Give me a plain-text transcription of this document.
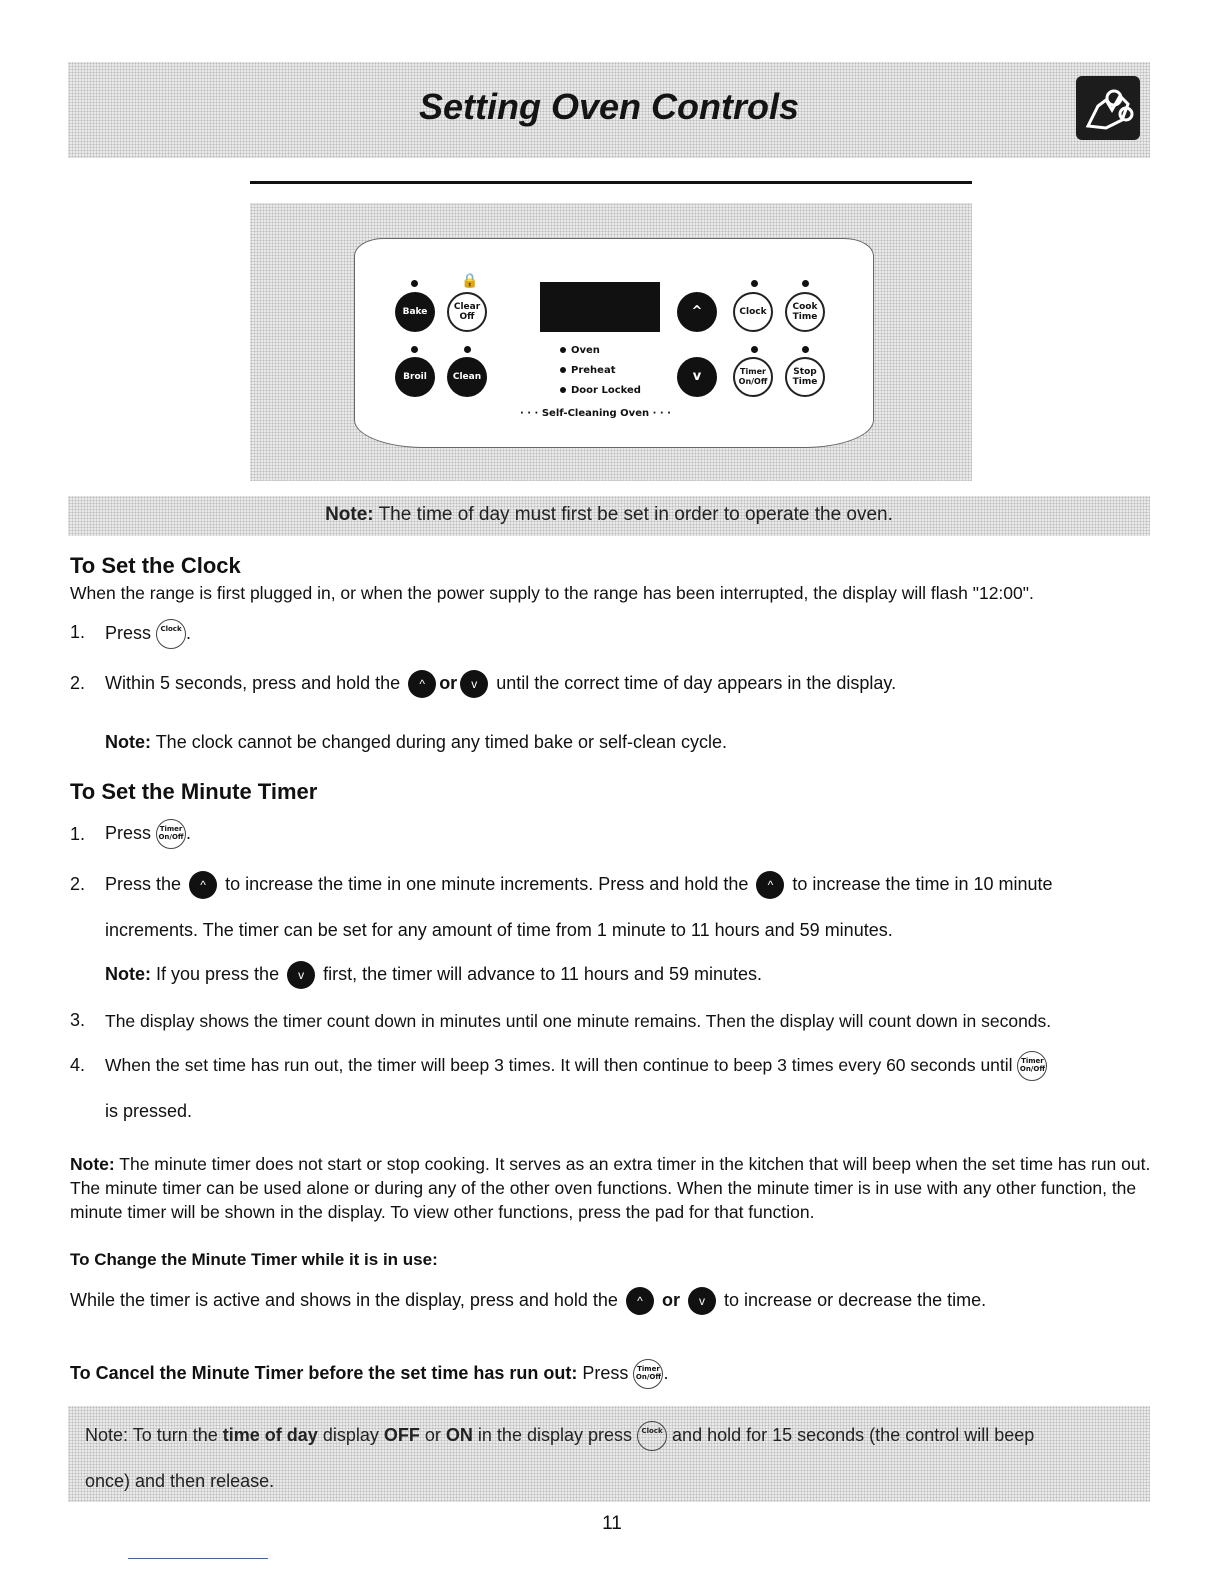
Setting Oven Controls
🔒
Bake	Clear
Off
Broil	Clean
Oven
Preheat
Door Locked
· · · Self-Cleaning Oven · · ·
^
v
Clock	Cook
Time
Timer
On/Off
Stop
Time

Note: The time of day must first be set in order to operate the oven.

To Set the Clock
When the range is first plugged in, or when the power supply to the range has been interrupted, the display will flash "12:00".
1. Press Clock .
2. Within 5 seconds, press and hold the ^ or v until the correct time of day appears in the display.
Note: The clock cannot be changed during any timed bake or self-clean cycle.
To Set the Minute Timer
1. Press Timer
On/Off .
2. Press the ^ to increase the time in one minute increments. Press and hold the ^ to increase the time in 10 minute
increments. The timer can be set for any amount of time from 1 minute to 11 hours and 59 minutes.
Note: If you press the v first, the timer will advance to 11 hours and 59 minutes.
3. The display shows the timer count down in minutes until one minute remains. Then the display will count down in seconds.
4. When the set time has run out, the timer will beep 3 times. It will then continue to beep 3 times every 60 seconds until Timer
On/Off
is pressed.
Note: The minute timer does not start or stop cooking. It serves as an extra timer in the kitchen that will beep when the set time has run out. The minute timer can be used alone or during any of the other oven functions. When the minute timer is in use with any other function, the minute timer will be shown in the display. To view other functions, press the pad for that function.
To Change the Minute Timer while it is in use:
While the timer is active and shows in the display, press and hold the ^ or v to increase or decrease the time.
To Cancel the Minute Timer before the set time has run out: Press Timer
On/Off .
Note: To turn the time of day display OFF or ON in the display press Clock and hold for 15 seconds (the control will beep
once) and then release.
11
